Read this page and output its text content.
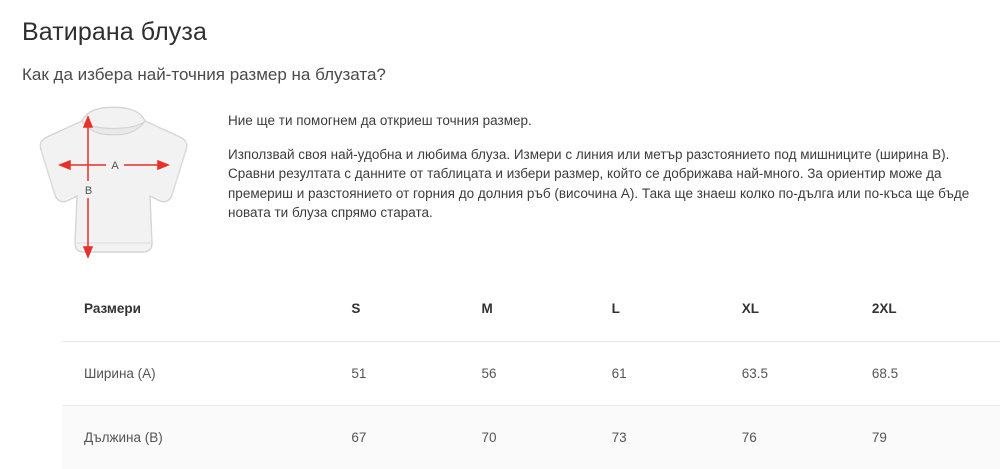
Ватирана блуза
Как да избера най-точния размер на блузата?
A
B

Ние ще ти помогнем да откриеш точния размер.

Използвай своя най-удобна и любима блуза. Измери с линия или метър разстоянието под мишниците (ширина B). Сравни резултата с данните от таблицата и избери размер, който се добрижава най-много. За ориентир може да премериш и разстоянието от горния до долния ръб (височина A). Така ще знаеш колко по-дълга или по-къса ще бъде новата ти блуза спрямо старата.

Размери	S	M	L	XL	2XL
Ширина (A)	51	56	61	63.5	68.5
Дължина (B)	67	70	73	76	79
